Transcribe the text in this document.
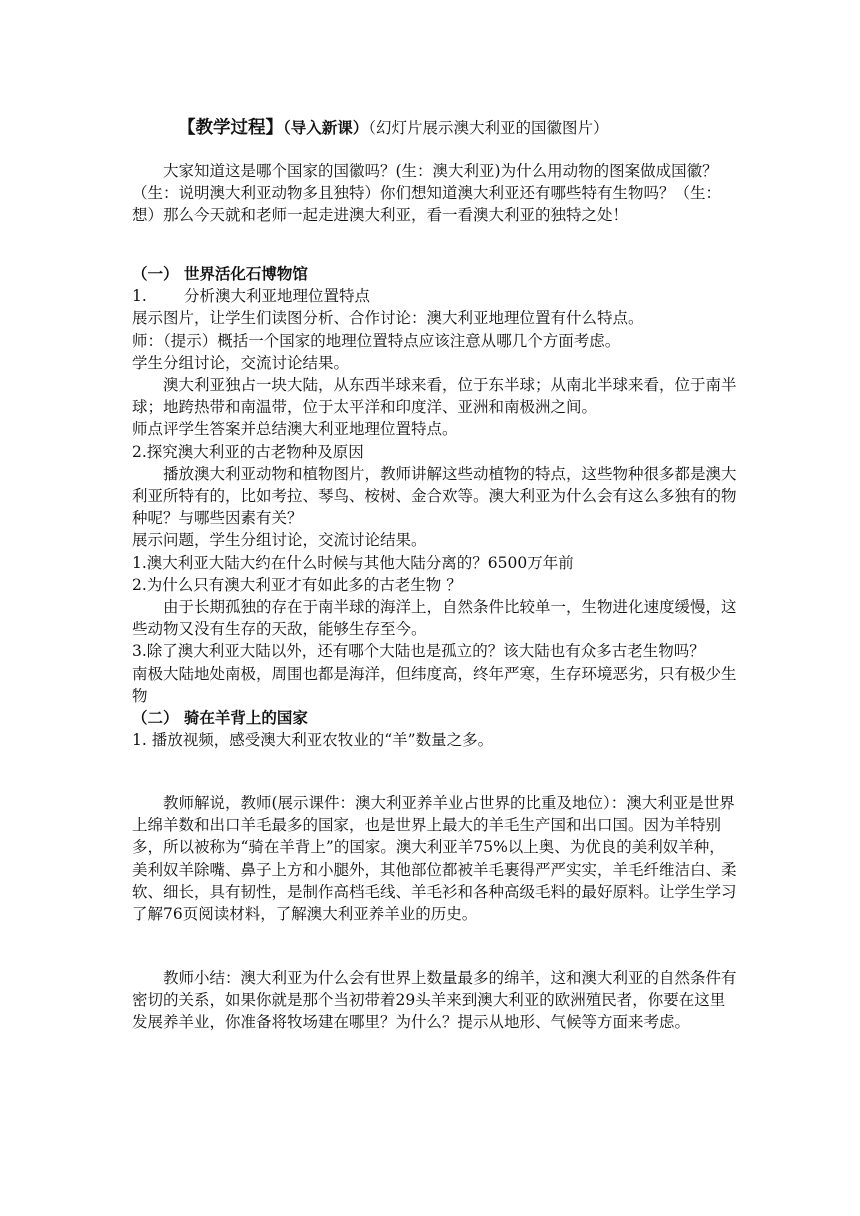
【教学过程】（导入新课）（幻灯片展示澳大利亚的国徽图片）

大家知道这是哪个国家的国徽吗？(生：澳大利亚)为什么用动物的图案做成国徽？（生：说明澳大利亚动物多且独特）你们想知道澳大利亚还有哪些特有生物吗？（生：想）那么今天就和老师一起走进澳大利亚，看一看澳大利亚的独特之处！

（一） 世界活化石博物馆

1. 分析澳大利亚地理位置特点

展示图片，让学生们读图分析、合作讨论：澳大利亚地理位置有什么特点。

师：（提示）概括一个国家的地理位置特点应该注意从哪几个方面考虑。

学生分组讨论，交流讨论结果。

澳大利亚独占一块大陆，从东西半球来看，位于东半球；从南北半球来看，位于南半球；地跨热带和南温带，位于太平洋和印度洋、亚洲和南极洲之间。

师点评学生答案并总结澳大利亚地理位置特点。

2.探究澳大利亚的古老物种及原因

播放澳大利亚动物和植物图片，教师讲解这些动植物的特点，这些物种很多都是澳大利亚所特有的，比如考拉、琴鸟、桉树、金合欢等。澳大利亚为什么会有这么多独有的物种呢？与哪些因素有关？

展示问题，学生分组讨论，交流讨论结果。

1.澳大利亚大陆大约在什么时候与其他大陆分离的？6500万年前

2.为什么只有澳大利亚才有如此多的古老生物 ？

由于长期孤独的存在于南半球的海洋上，自然条件比较单一，生物进化速度缓慢，这些动物又没有生存的天敌，能够生存至今。

3.除了澳大利亚大陆以外，还有哪个大陆也是孤立的？该大陆也有众多古老生物吗？

南极大陆地处南极，周围也都是海洋，但纬度高，终年严寒，生存环境恶劣，只有极少生物

（二） 骑在羊背上的国家

1. 播放视频，感受澳大利亚农牧业的“羊”数量之多。

教师解说，教师(展示课件：澳大利亚养羊业占世界的比重及地位）：澳大利亚是世界上绵羊数和出口羊毛最多的国家，也是世界上最大的羊毛生产国和出口国。因为羊特别多，所以被称为“骑在羊背上”的国家。澳大利亚羊75%以上奥、为优良的美利奴羊种，美利奴羊除嘴、鼻子上方和小腿外，其他部位都被羊毛裹得严严实实，羊毛纤维洁白、柔软、细长，具有韧性，是制作高档毛线、羊毛衫和各种高级毛料的最好原料。让学生学习了解76页阅读材料，了解澳大利亚养羊业的历史。

教师小结：澳大利亚为什么会有世界上数量最多的绵羊，这和澳大利亚的自然条件有密切的关系，如果你就是那个当初带着29头羊来到澳大利亚的欧洲殖民者，你要在这里发展养羊业，你准备将牧场建在哪里？为什么？提示从地形、气候等方面来考虑。
